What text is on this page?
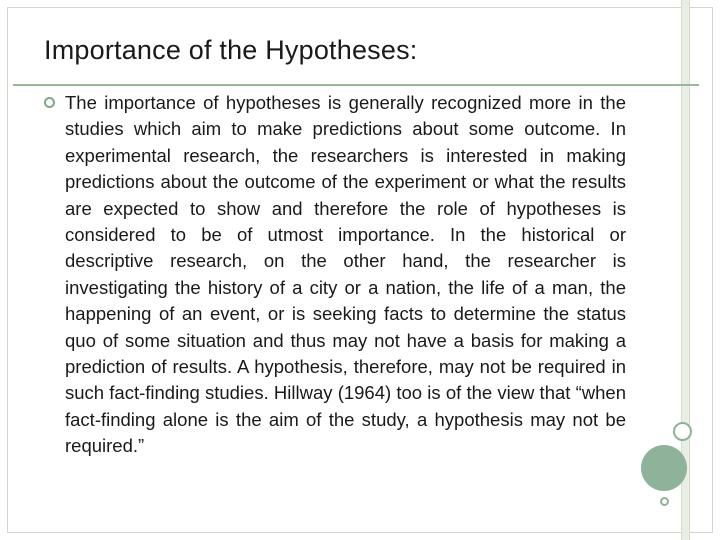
Importance of the Hypotheses:

The importance of hypotheses is generally recognized more in the studies which aim to make predictions about some outcome. In experimental research, the researchers is interested in making predictions about the outcome of the experiment or what the results are expected to show and therefore the role of hypotheses is considered to be of utmost importance. In the historical or descriptive research, on the other hand, the researcher is investigating the history of a city or a nation, the life of a man, the happening of an event, or is seeking facts to determine the status quo of some situation and thus may not have a basis for making a prediction of results. A hypothesis, therefore, may not be required in such fact-finding studies. Hillway (1964) too is of the view that “when fact-finding alone is the aim of the study, a hypothesis may not be required.”
